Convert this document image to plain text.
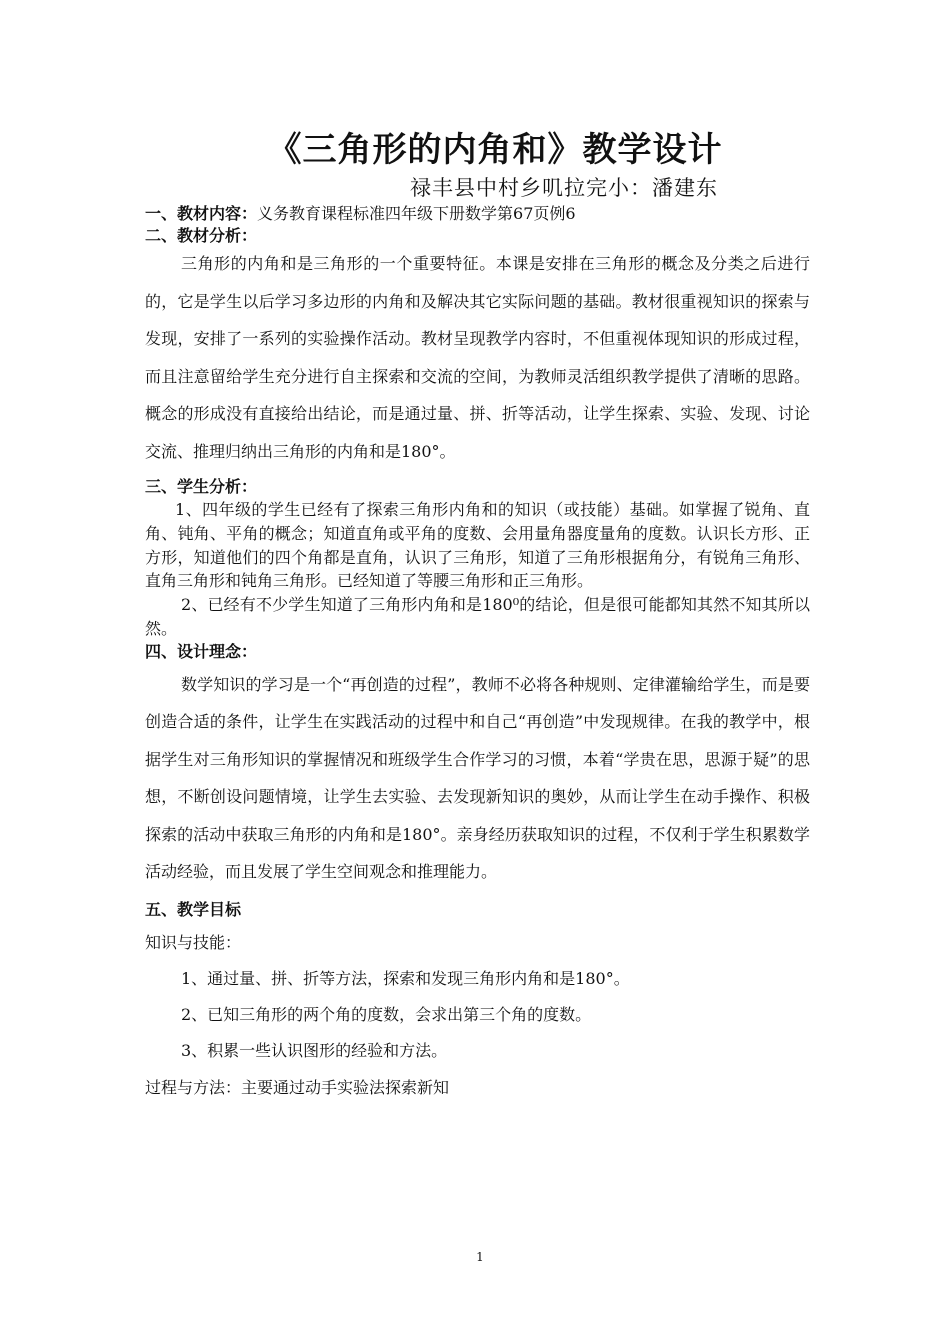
《三角形的内角和》教学设计
禄丰县中村乡叽拉完小：潘建东
一、教材内容：义务教育课程标准四年级下册数学第67页例6
二、教材分析：

三角形的内角和是三角形的一个重要特征。本课是安排在三角形的概念及分类之后进行的，它是学生以后学习多边形的内角和及解决其它实际问题的基础。教材很重视知识的探索与发现，安排了一系列的实验操作活动。教材呈现教学内容时，不但重视体现知识的形成过程，而且注意留给学生充分进行自主探索和交流的空间，为教师灵活组织教学提供了清晰的思路。概念的形成没有直接给出结论，而是通过量、拼、折等活动，让学生探索、实验、发现、讨论交流、推理归纳出三角形的内角和是180°。

三、学生分析：

1、四年级的学生已经有了探索三角形内角和的知识（或技能）基础。如掌握了锐角、直角、钝角、平角的概念；知道直角或平角的度数、会用量角器度量角的度数。认识长方形、正方形，知道他们的四个角都是直角，认识了三角形，知道了三角形根据角分，有锐角三角形、直角三角形和钝角三角形。已经知道了等腰三角形和正三角形。

2、已经有不少学生知道了三角形内角和是180⁰的结论，但是很可能都知其然不知其所以然。

四、设计理念：

数学知识的学习是一个“再创造的过程”，教师不必将各种规则、定律灌输给学生，而是要创造合适的条件，让学生在实践活动的过程中和自己“再创造”中发现规律。在我的教学中，根据学生对三角形知识的掌握情况和班级学生合作学习的习惯，本着“学贵在思，思源于疑”的思想，不断创设问题情境，让学生去实验、去发现新知识的奥妙，从而让学生在动手操作、积极探索的活动中获取三角形的内角和是180°。亲身经历获取知识的过程，不仅利于学生积累数学活动经验，而且发展了学生空间观念和推理能力。

五、教学目标

知识与技能：

1、通过量、拼、折等方法，探索和发现三角形内角和是180°。

2、已知三角形的两个角的度数，会求出第三个角的度数。

3、积累一些认识图形的经验和方法。

过程与方法：主要通过动手实验法探索新知

1
